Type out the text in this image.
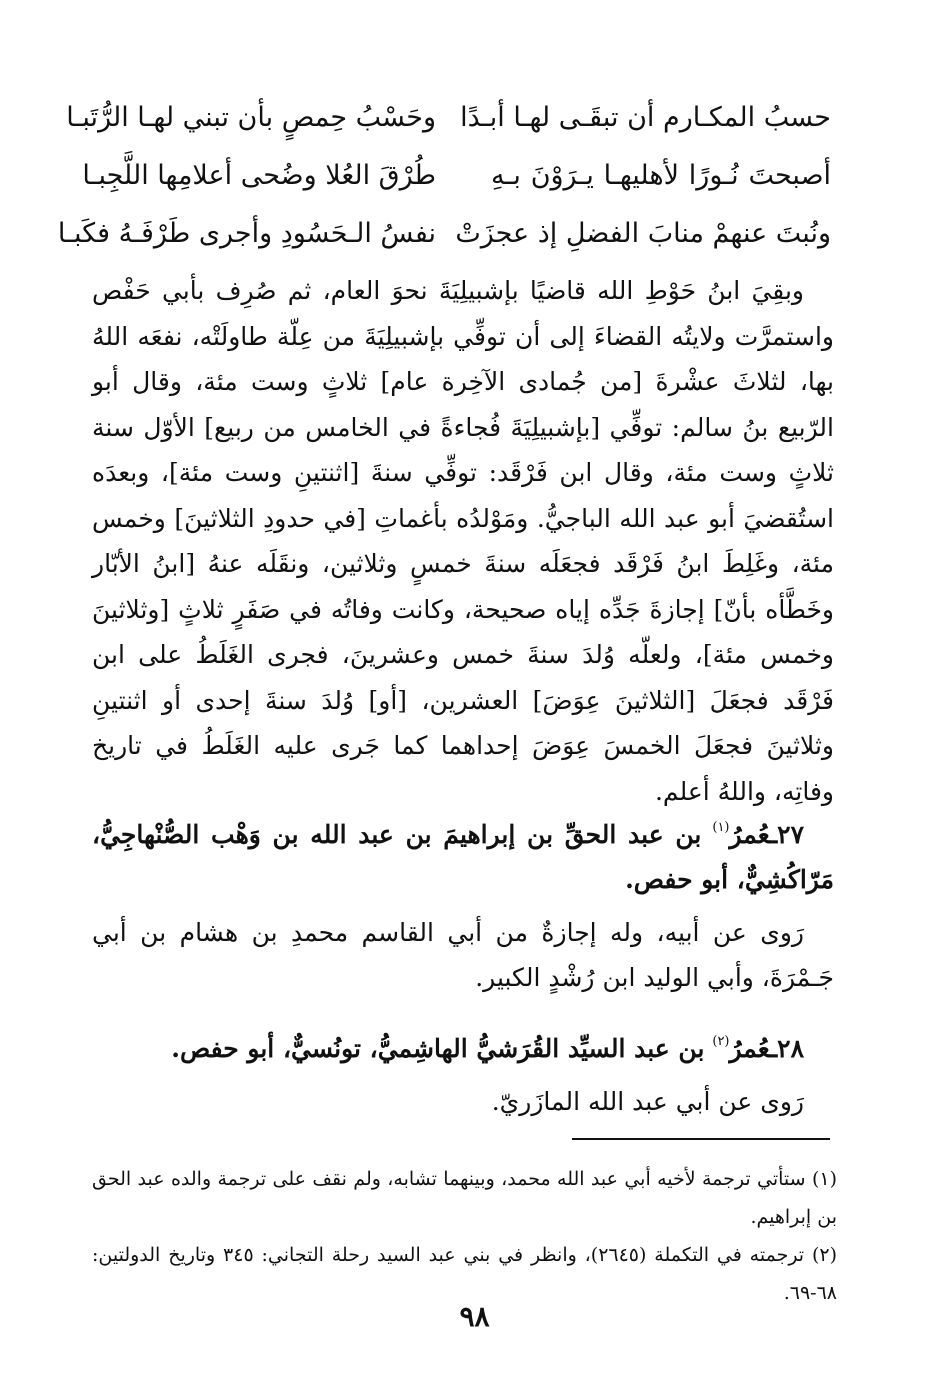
حسبُ المكـارم أن تبقَـى لهـا أبـدًا
وحَسْبُ حِمصٍ بأن تبني لهـا الرُّتَبـا
أصبحتَ نُـورًا لأهليهـا يـرَوْنَ بـهِ
طُرْقَ العُلا وضُحى أعلامِها اللَّجِبـا
ونُبتَ عنهمْ منابَ الفضلِ إذ عجزَتْ
نفسُ الـحَسُودِ وأجرى طَرْفَـهُ فكَبـا

وبقِيَ ابنُ حَوْطِ الله قاضيًا بإشبيلِيَةَ نحوَ العام، ثم صُرِف بأبي حَفْص واستمرَّت ولايتُه القضاءَ إلى أن توفِّي بإشبيلِيَةَ من عِلّة طاولَتْه، نفعَه اللهُ بها، لثلاثَ عشْرةَ [من جُمادى الآخِرة عام] ثلاثٍ وست مئة، وقال أبو الرّبيع بنُ سالم: توفِّي [بإشبيلِيَةَ فُجاءةً في الخامس من ربيع] الأوّل سنة ثلاثٍ وست مئة، وقال ابن فَرْقَد: توفِّي سنةَ [اثنتينِ وست مئة]، وبعدَه استُقضيَ أبو عبد الله الباجيُّ. ومَوْلدُه بأغماتِ [في حدودِ الثلاثينَ] وخمس مئة، وغَلِطَ ابنُ فَرْقَد فجعَلَه سنةَ خمسٍ وثلاثين، ونقَلَه عنهُ [ابنُ الأبّار وخَطَّأه بأنّ] إجازةَ جَدِّه إياه صحيحة، وكانت وفاتُه في صَفَرٍ ثلاثٍ [وثلاثينَ وخمس مئة]، ولعلّه وُلدَ سنةَ خمس وعشرينَ، فجرى الغَلَطُ على ابن فَرْقَد فجعَلَ [الثلاثينَ عِوَضَ] العشرين، [أو] وُلدَ سنةَ إحدى أو اثنتينِ وثلاثينَ فجعَلَ الخمسَ عِوَضَ إحداهما كما جَرى عليه الغَلَطُ في تاريخ وفاتِه، واللهُ أعلم.

٢٧ـعُمرُ$^{(١)}$ بن عبد الحقِّ بن إبراهيمَ بن عبد الله بن وَهْب الصُّنْهاجِيُّ، مَرّاكُشِيٌّ، أبو حفص.

رَوى عن أبيه، وله إجازةٌ من أبي القاسم محمدِ بن هشام بن أبي جَـمْرَةَ، وأبي الوليد ابن رُشْدٍ الكبير.

٢٨ـعُمرُ$^{(٢)}$ بن عبد السيِّد القُرَشيُّ الهاشِميُّ، تونُسيٌّ، أبو حفص.

رَوى عن أبي عبد الله المازَريّ.

(١) ستأتي ترجمة لأخيه أبي عبد الله محمد، وبينهما تشابه، ولم نقف على ترجمة والده عبد الحق بن إبراهيم.

(٢) ترجمته في التكملة (٢٦٤٥)، وانظر في بني عبد السيد رحلة التجاني: ٣٤٥ وتاريخ الدولتين: ٦٨-٦٩.

٩٨
